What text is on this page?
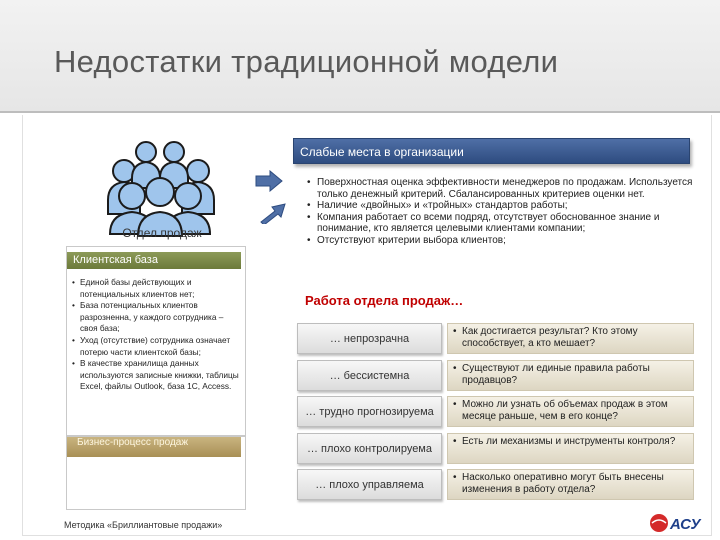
Недостатки традиционной модели
Отдел продаж
Клиентская база
• Единой базы действующих и потенциальных клиентов нет;
• База потенциальных клиентов разрозненна, у каждого сотрудника – своя база;
• Уход (отсутствие) сотрудника означает потерю части клиентской базы;
• В качестве хранилища данных используются записные книжки, таблицы Excel, файлы Outlook, база 1С, Access.
Бизнес-процесс продаж
Слабые места в организации
• Поверхностная оценка эффективности менеджеров по продажам. Используется только денежный критерий. Сбалансированных критериев оценки нет.
• Наличие «двойных» и «тройных» стандартов работы;
• Компания работает со всеми подряд, отсутствует обоснованное знание и понимание, кто является целевыми клиентами компании;
• Отсутствуют критерии выбора клиентов;
Работа отдела продаж…
… непрозрачна
• Как достигается результат? Кто этому способствует, а кто мешает?
… бессистемна
• Существуют ли единые правила работы продавцов?
… трудно прогнозируема
• Можно ли узнать об объемах продаж в этом месяце раньше, чем в его конце?
… плохо контролируема
• Есть ли механизмы и инструменты контроля?
… плохо управляема
• Насколько оперативно могут быть внесены изменения в работу отдела?
Методика «Бриллиантовые продажи»	АСУ
